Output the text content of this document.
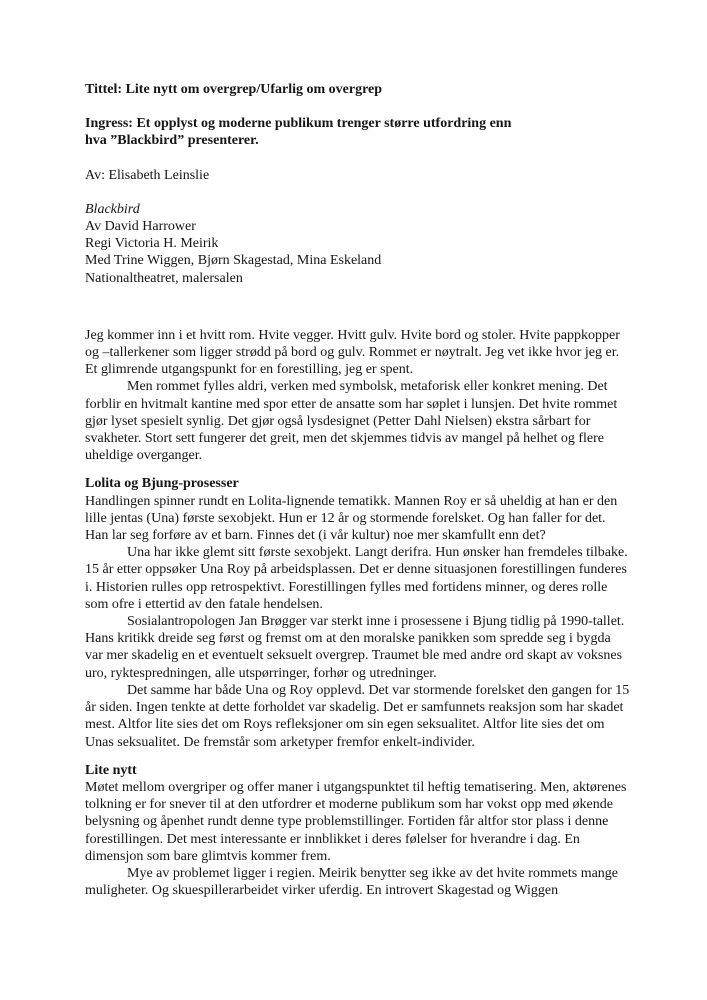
Tittel: Lite nytt om overgrep/Ufarlig om overgrep

Ingress: Et opplyst og moderne publikum trenger større utfordring enn
hva ”Blackbird” presenterer.

Av: Elisabeth Leinslie

Blackbird

Av David Harrower

Regi Victoria H. Meirik

Med Trine Wiggen, Bjørn Skagestad, Mina Eskeland

Nationaltheatret, malersalen

Jeg kommer inn i et hvitt rom. Hvite vegger. Hvitt gulv. Hvite bord og stoler. Hvite pappkopper og –tallerkener som ligger strødd på bord og gulv. Rommet er nøytralt. Jeg vet ikke hvor jeg er. Et glimrende utgangspunkt for en forestilling, jeg er spent.

Men rommet fylles aldri, verken med symbolsk, metaforisk eller konkret mening. Det forblir en hvitmalt kantine med spor etter de ansatte som har søplet i lunsjen. Det hvite rommet gjør lyset spesielt synlig. Det gjør også lysdesignet (Petter Dahl Nielsen) ekstra sårbart for svakheter. Stort sett fungerer det greit, men det skjemmes tidvis av mangel på helhet og flere uheldige overganger.

Lolita og Bjung-prosesser

Handlingen spinner rundt en Lolita-lignende tematikk. Mannen Roy er så uheldig at han er den lille jentas (Una) første sexobjekt. Hun er 12 år og stormende forelsket. Og han faller for det. Han lar seg forføre av et barn. Finnes det (i vår kultur) noe mer skamfullt enn det?

Una har ikke glemt sitt første sexobjekt. Langt derifra. Hun ønsker han fremdeles tilbake. 15 år etter oppsøker Una Roy på arbeidsplassen. Det er denne situasjonen forestillingen funderes i. Historien rulles opp retrospektivt. Forestillingen fylles med fortidens minner, og deres rolle som ofre i ettertid av den fatale hendelsen.

Sosialantropologen Jan Brøgger var sterkt inne i prosessene i Bjung tidlig på 1990-tallet. Hans kritikk dreide seg først og fremst om at den moralske panikken som spredde seg i bygda var mer skadelig en et eventuelt seksuelt overgrep. Traumet ble med andre ord skapt av voksnes uro, ryktespredningen, alle utspørringer, forhør og utredninger.

Det samme har både Una og Roy opplevd. Det var stormende forelsket den gangen for 15 år siden. Ingen tenkte at dette forholdet var skadelig. Det er samfunnets reaksjon som har skadet mest. Altfor lite sies det om Roys refleksjoner om sin egen seksualitet. Altfor lite sies det om Unas seksualitet. De fremstår som arketyper fremfor enkelt-individer.

Lite nytt

Møtet mellom overgriper og offer maner i utgangspunktet til heftig tematisering. Men, aktørenes tolkning er for snever til at den utfordrer et moderne publikum som har vokst opp med økende belysning og åpenhet rundt denne type problemstillinger. Fortiden får altfor stor plass i denne forestillingen. Det mest interessante er innblikket i deres følelser for hverandre i dag. En dimensjon som bare glimtvis kommer frem.

Mye av problemet ligger i regien. Meirik benytter seg ikke av det hvite rommets mange muligheter. Og skuespillerarbeidet virker uferdig. En introvert Skagestad og Wiggen
